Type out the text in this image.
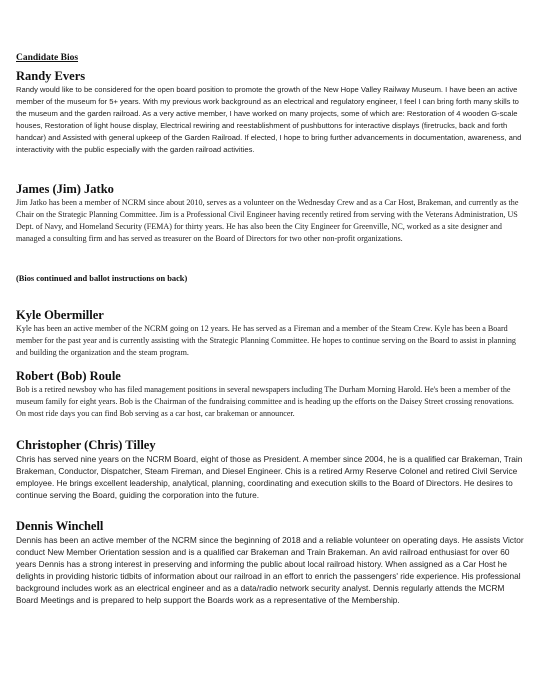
Candidate Bios

Randy Evers

Randy would like to be considered for the open board position to promote the growth of the New Hope Valley Railway Museum. I have been an active member of the museum for 5+ years. With my previous work background as an electrical and regulatory engineer, I feel I can bring forth many skills to the museum and the garden railroad. As a very active member, I have worked on many projects, some of which are: Restoration of 4 wooden G-scale houses, Restoration of light house display, Electrical rewiring and reestablishment of pushbuttons for interactive displays (firetrucks, back and forth handcar) and Assisted with general upkeep of the Garden Railroad. If elected, I hope to bring further advancements in documentation, awareness, and interactivity with the public especially with the garden railroad activities.

James (Jim) Jatko

Jim Jatko has been a member of NCRM since about 2010, serves as a volunteer on the Wednesday Crew and as a Car Host, Brakeman, and currently as the Chair on the Strategic Planning Committee. Jim is a Professional Civil Engineer having recently retired from serving with the Veterans Administration, US Dept. of Navy, and Homeland Security (FEMA) for thirty years. He has also been the City Engineer for Greenville, NC, worked as a site designer and managed a consulting firm and has served as treasurer on the Board of Directors for two other non-profit organizations.

(Bios continued and ballot instructions on back)

Kyle Obermiller

Kyle has been an active member of the NCRM going on 12 years. He has served as a Fireman and a member of the Steam Crew. Kyle has been a Board member for the past year and is currently assisting with the Strategic Planning Committee. He hopes to continue serving on the Board to assist in planning and building the organization and the steam program.

Robert (Bob) Roule

Bob is a retired newsboy who has filed management positions in several newspapers including The Durham Morning Harold. He's been a member of the museum family for eight years. Bob is the Chairman of the fundraising committee and is heading up the efforts on the Daisey Street crossing renovations. On most ride days you can find Bob serving as a car host, car brakeman or announcer.

Christopher (Chris) Tilley

Chris has served nine years on the NCRM Board, eight of those as President. A member since 2004, he is a qualified car Brakeman, Train Brakeman, Conductor, Dispatcher, Steam Fireman, and Diesel Engineer. Chis is a retired Army Reserve Colonel and retired Civil Service employee. He brings excellent leadership, analytical, planning, coordinating and execution skills to the Board of Directors. He desires to continue serving the Board, guiding the corporation into the future.

Dennis Winchell

Dennis has been an active member of the NCRM since the beginning of 2018 and a reliable volunteer on operating days. He assists Victor conduct New Member Orientation session and is a qualified car Brakeman and Train Brakeman. An avid railroad enthusiast for over 60 years Dennis has a strong interest in preserving and informing the public about local railroad history. When assigned as a Car Host he delights in providing historic tidbits of information about our railroad in an effort to enrich the passengers' ride experience. His professional background includes work as an electrical engineer and as a data/radio network security analyst. Dennis regularly attends the MCRM Board Meetings and is prepared to help support the Boards work as a representative of the Membership.
